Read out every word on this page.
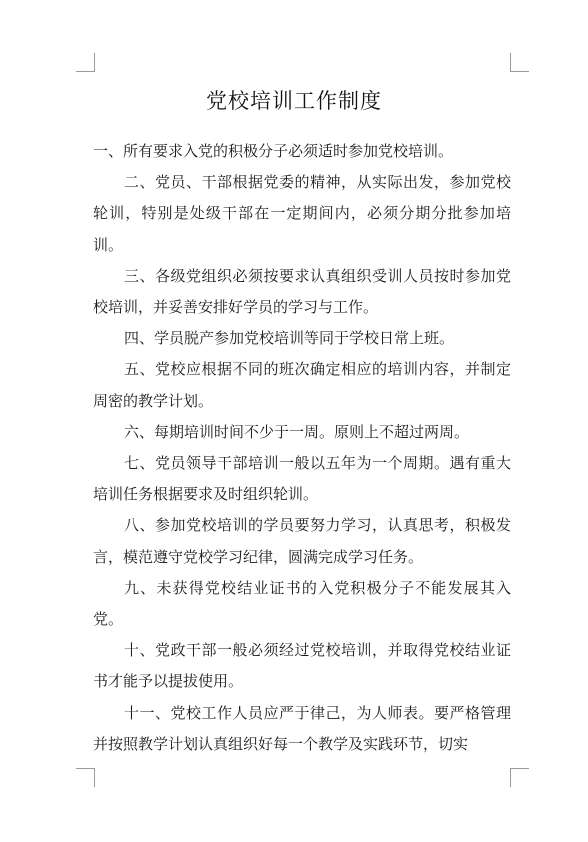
党校培训工作制度

一、所有要求入党的积极分子必须适时参加党校培训。

二、党员、干部根据党委的精神，从实际出发，参加党校轮训，特别是处级干部在一定期间内，必须分期分批参加培训。

三、各级党组织必须按要求认真组织受训人员按时参加党校培训，并妥善安排好学员的学习与工作。

四、学员脱产参加党校培训等同于学校日常上班。

五、党校应根据不同的班次确定相应的培训内容，并制定周密的教学计划。

六、每期培训时间不少于一周。原则上不超过两周。

七、党员领导干部培训一般以五年为一个周期。遇有重大培训任务根据要求及时组织轮训。

八、参加党校培训的学员要努力学习，认真思考，积极发言，模范遵守党校学习纪律，圆满完成学习任务。

九、未获得党校结业证书的入党积极分子不能发展其入党。

十、党政干部一般必须经过党校培训，并取得党校结业证书才能予以提拔使用。

十一、党校工作人员应严于律己，为人师表。要严格管理并按照教学计划认真组织好每一个教学及实践环节，切实
